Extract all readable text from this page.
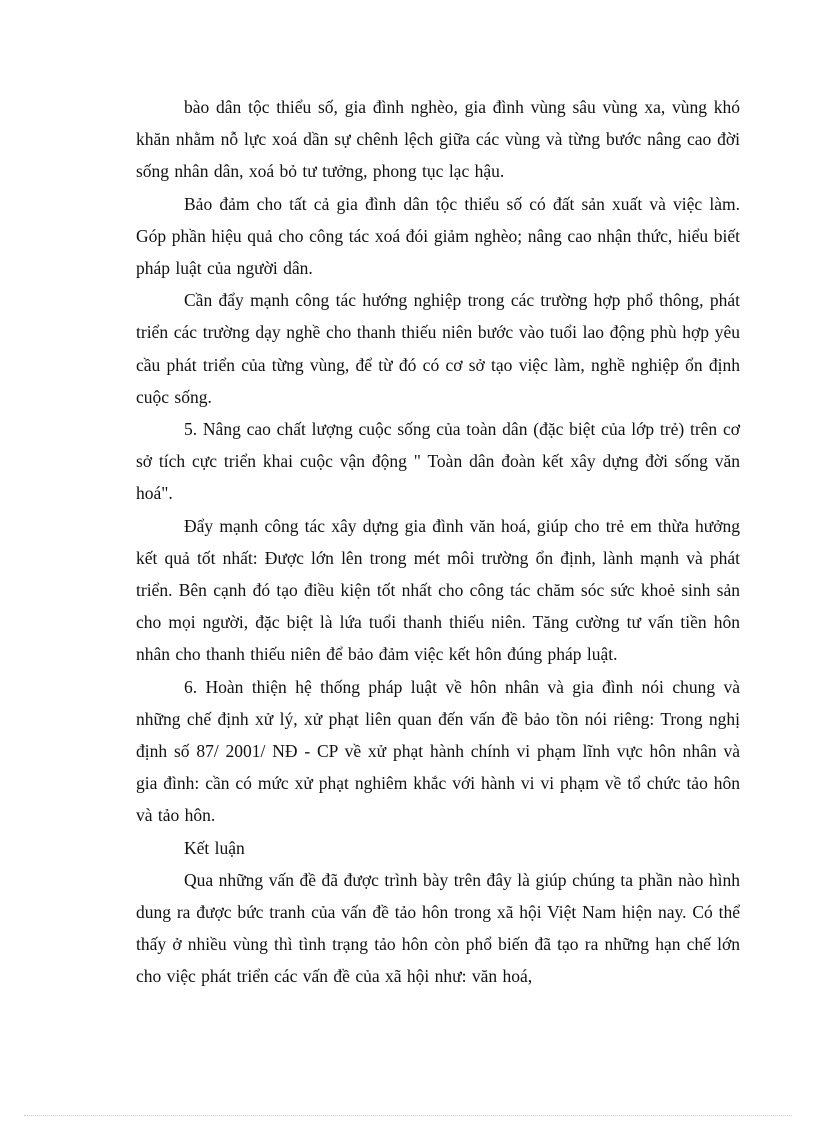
bào dân tộc thiểu số, gia đình nghèo, gia đình vùng sâu vùng xa, vùng khó khăn nhằm nỗ lực xoá dần sự chênh lệch giữa các vùng và từng bước nâng cao đời sống nhân dân, xoá bỏ tư tưởng, phong tục lạc hậu.

Bảo đảm cho tất cả gia đình dân tộc thiểu số có đất sản xuất và việc làm. Góp phần hiệu quả cho công tác xoá đói giảm nghèo; nâng cao nhận thức, hiểu biết pháp luật của người dân.

Cần đẩy mạnh công tác hướng nghiệp trong các trường hợp phổ thông, phát triển các trường dạy nghề cho thanh thiếu niên bước vào tuổi lao động phù hợp yêu cầu phát triển của từng vùng, để từ đó có cơ sở tạo việc làm, nghề nghiệp ổn định cuộc sống.

5. Nâng cao chất lượng cuộc sống của toàn dân (đặc biệt của lớp trẻ) trên cơ sở tích cực triển khai cuộc vận động " Toàn dân đoàn kết xây dựng đời sống văn hoá".

Đẩy mạnh công tác xây dựng gia đình văn hoá, giúp cho trẻ em thừa hưởng kết quả tốt nhất: Được lớn lên trong mét môi trường ổn định, lành mạnh và phát triển. Bên cạnh đó tạo điều kiện tốt nhất cho công tác chăm sóc sức khoẻ sinh sản cho mọi người, đặc biệt là lứa tuổi thanh thiếu niên. Tăng cường tư vấn tiền hôn nhân cho thanh thiếu niên để bảo đảm việc kết hôn đúng pháp luật.

6. Hoàn thiện hệ thống pháp luật về hôn nhân và gia đình nói chung và những chế định xử lý, xử phạt liên quan đến vấn đề bảo tồn nói riêng: Trong nghị định số 87/ 2001/ NĐ - CP về xử phạt hành chính vi phạm lĩnh vực hôn nhân và gia đình: cần có mức xử phạt nghiêm khắc với hành vi vi phạm về tổ chức tảo hôn và tảo hôn.

Kết luận

Qua những vấn đề đã được trình bày trên đây là giúp chúng ta phần nào hình dung ra được bức tranh của vấn đề tảo hôn trong xã hội Việt Nam hiện nay. Có thể thấy ở nhiều vùng thì tình trạng tảo hôn còn phổ biến đã tạo ra những hạn chế lớn cho việc phát triển các vấn đề của xã hội như: văn hoá,
